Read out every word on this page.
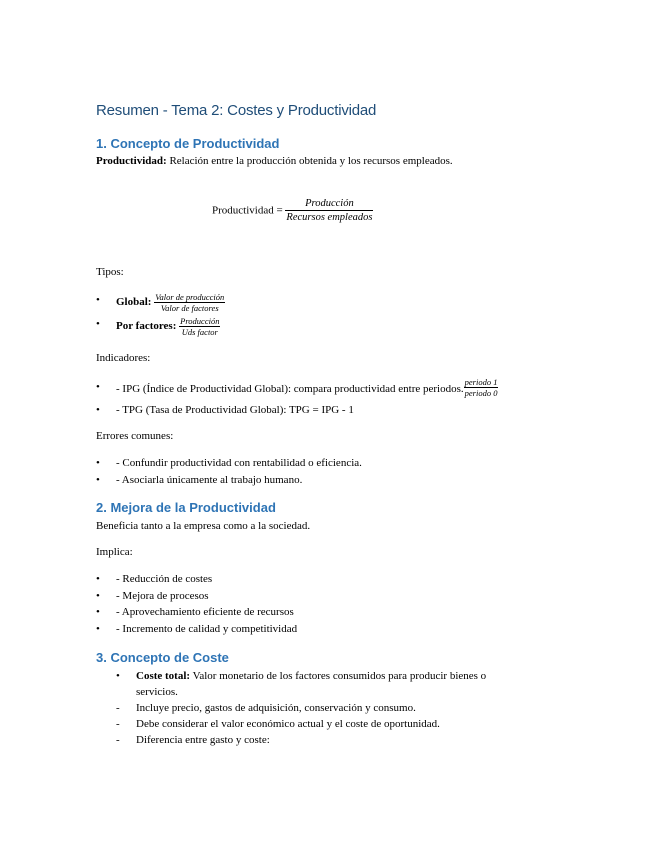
Resumen - Tema 2: Costes y Productividad
1. Concepto de Productividad
Productividad: Relación entre la producción obtenida y los recursos empleados.
Productividad = $\frac{\text{Producción}}{\text{Recursos empleados}}$
Tipos:
• Global: $\frac{\text{Valor de producción}}{\text{Valor de factores}}$
• Por factores: $\frac{\text{Producción}}{\text{Uds factor}}$
Indicadores:
• - IPG (Índice de Productividad Global): compara productividad entre periodos. $\frac{\text{periodo 1}}{\text{periodo 0}}$
• - TPG (Tasa de Productividad Global): TPG = IPG - 1
Errores comunes:
• - Confundir productividad con rentabilidad o eficiencia.
• - Asociarla únicamente al trabajo humano.
2. Mejora de la Productividad
Beneficia tanto a la empresa como a la sociedad.
Implica:
• - Reducción de costes
• - Mejora de procesos
• - Aprovechamiento eficiente de recursos
• - Incremento de calidad y competitividad
3. Concepto de Coste
• Coste total: Valor monetario de los factores consumidos para producir bienes o
servicios.
- Incluye precio, gastos de adquisición, conservación y consumo.
- Debe considerar el valor económico actual y el coste de oportunidad.
- Diferencia entre gasto y coste:
